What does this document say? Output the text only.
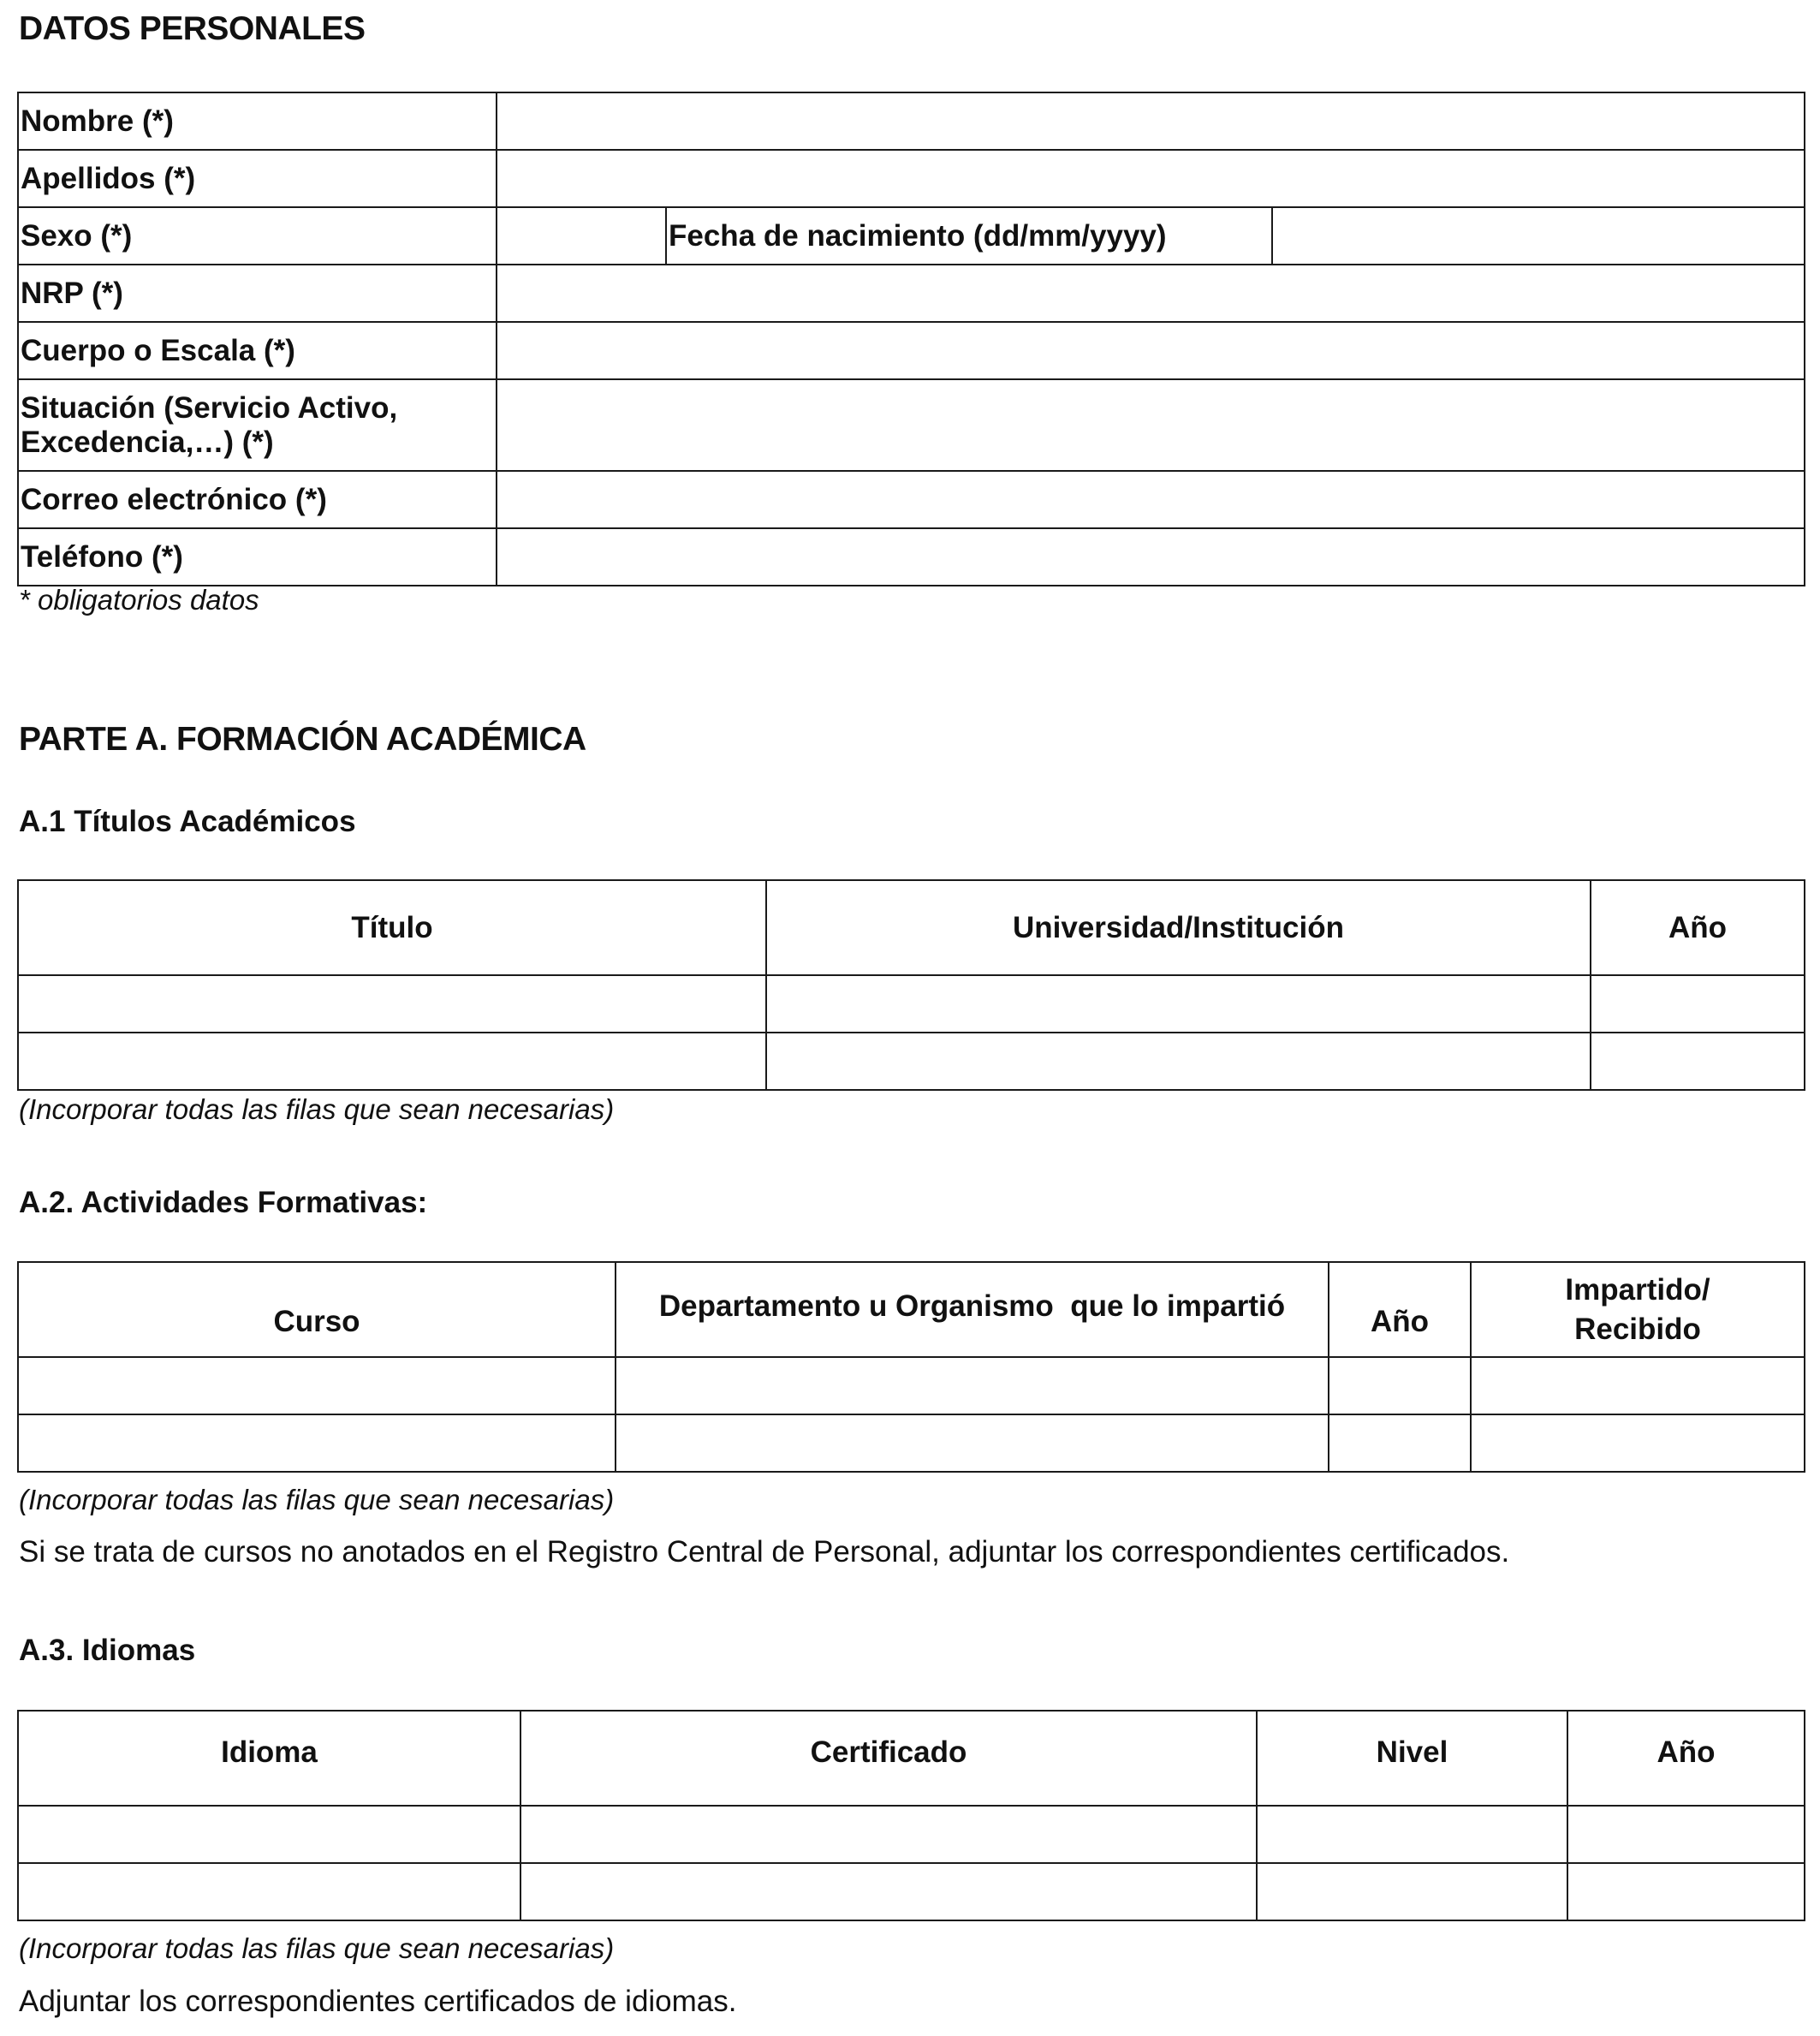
DATOS PERSONALES
Nombre (*)			
Apellidos (*)			
Sexo (*)		Fecha de nacimiento (dd/mm/yyyy)	
NRP (*)			
Cuerpo o Escala (*)			

Situación (Servicio Activo,
Excedencia,…) (*)			

Correo electrónico (*)			
Teléfono (*)			
* obligatorios datos
PARTE A. FORMACIÓN ACADÉMICA
A.1 Títulos Académicos
Título	Universidad/Institución	Año

(Incorporar todas las filas que sean necesarias)
A.2. Actividades Formativas:
Curso	Departamento u Organismo  que lo impartió	Año	Impartido/
Recibido

(Incorporar todas las filas que sean necesarias)
Si se trata de cursos no anotados en el Registro Central de Personal, adjuntar los correspondientes certificados.
A.3. Idiomas
Idioma	Certificado	Nivel	Año

(Incorporar todas las filas que sean necesarias)
Adjuntar los correspondientes certificados de idiomas.
